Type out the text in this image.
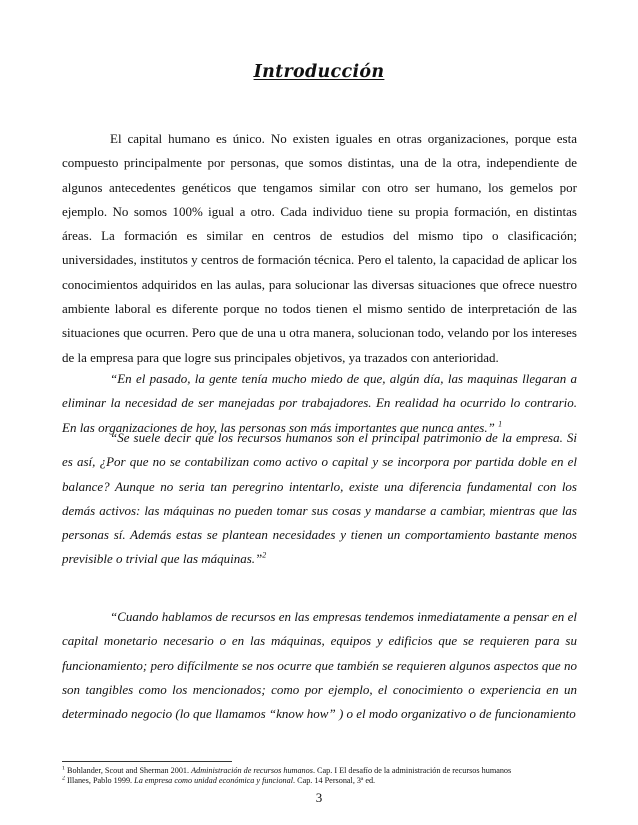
Introducción

El capital humano es único. No existen iguales en otras organizaciones, porque esta compuesto principalmente por personas, que somos distintas, una de la otra, independiente de algunos antecedentes genéticos que tengamos similar con otro ser humano, los gemelos por ejemplo. No somos 100% igual a otro. Cada individuo tiene su propia formación, en distintas áreas. La formación es similar en centros de estudios del mismo tipo o clasificación; universidades, institutos y centros de formación técnica. Pero el talento, la capacidad de aplicar los conocimientos adquiridos en las aulas, para solucionar las diversas situaciones que ofrece nuestro ambiente laboral es diferente porque no todos tienen el mismo sentido de interpretación de las situaciones que ocurren. Pero que de una u otra manera, solucionan todo, velando por los intereses de la empresa para que logre sus principales objetivos, ya trazados con anterioridad.

“En el pasado, la gente tenía mucho miedo de que, algún día, las maquinas llegaran a eliminar la necesidad de ser manejadas por trabajadores. En realidad ha ocurrido lo contrario. En las organizaciones de hoy, las personas son más importantes que nunca antes.” $^1$

“Se suele decir que los recursos humanos son el principal patrimonio de la empresa. Si es así, ¿Por que no se contabilizan como activo o capital y se incorpora por partida doble en el balance? Aunque no seria tan peregrino intentarlo, existe una diferencia fundamental con los demás activos: las máquinas no pueden tomar sus cosas y mandarse a cambiar, mientras que las personas sí. Además estas se plantean necesidades y tienen un comportamiento bastante menos previsible o trivial que las máquinas.”$^2$

“Cuando hablamos de recursos en las empresas tendemos inmediatamente a pensar en el capital monetario necesario o en las máquinas, equipos y edificios que se requieren para su funcionamiento; pero difícilmente se nos ocurre que también se requieren algunos aspectos que no son tangibles como los mencionados; como por ejemplo, el conocimiento o experiencia en un determinado negocio (lo que llamamos “know how” ) o el modo organizativo o de funcionamiento

$^1$ Bohlander, Scout and Sherman 2001. Administración de recursos humanos. Cap. I El desafío de la administración de recursos humanos
$^2$ Illanes, Pablo 1999. La empresa como unidad económica y funcional. Cap. 14 Personal, 3ª ed.
3
